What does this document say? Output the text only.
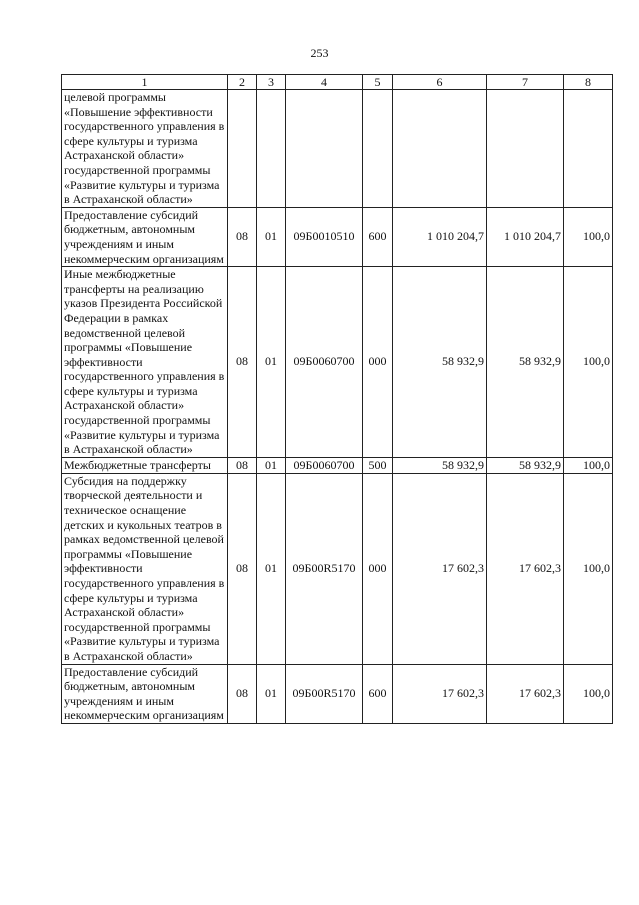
253
1	2	3	4	5	6	7	8
целевой программы «Повышение эффективности государственного управления в сфере культуры и туризма Астраханской области» государственной программы «Развитие культуры и туризма в Астраханской области»							
Предоставление субсидий бюджетным, автономным учреждениям и иным некоммерческим организациям	08	01	09Б0010510	600	1 010 204,7	1 010 204,7	100,0
Иные межбюджетные трансферты на реализацию указов Президента Российской Федерации в рамках ведомственной целевой программы «Повышение эффективности государственного управления в сфере культуры и туризма Астраханской области» государственной программы «Развитие культуры и туризма в Астраханской области»	08	01	09Б0060700	000	58 932,9	58 932,9	100,0
Межбюджетные трансферты	08	01	09Б0060700	500	58 932,9	58 932,9	100,0
Субсидия на поддержку творческой деятельности и техническое оснащение детских и кукольных театров в рамках ведомственной целевой программы «Повышение эффективности государственного управления в сфере культуры и туризма Астраханской области» государственной программы «Развитие культуры и туризма в Астраханской области»	08	01	09Б00R5170	000	17 602,3	17 602,3	100,0
Предоставление субсидий бюджетным, автономным учреждениям и иным некоммерческим организациям	08	01	09Б00R5170	600	17 602,3	17 602,3	100,0
